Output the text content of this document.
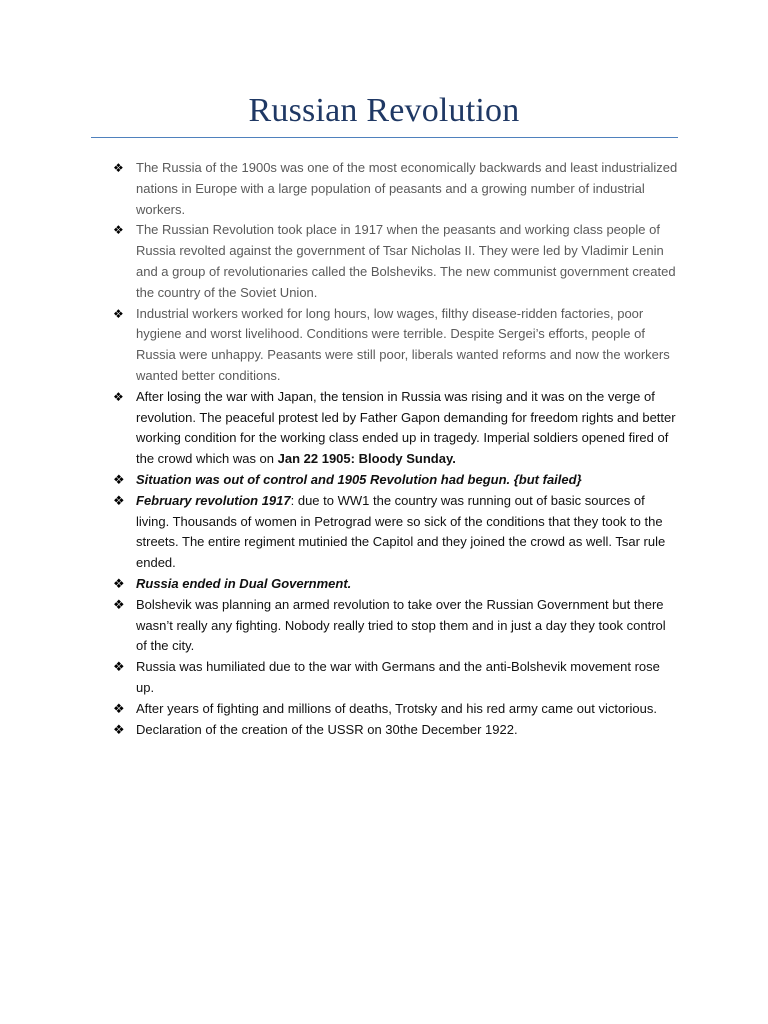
Russian Revolution
❖ The Russia of the 1900s was one of the most economically backwards and least industrialized nations in Europe with a large population of peasants and a growing number of industrial workers.
❖ The Russian Revolution took place in 1917 when the peasants and working class people of Russia revolted against the government of Tsar Nicholas II. They were led by Vladimir Lenin and a group of revolutionaries called the Bolsheviks. The new communist government created the country of the Soviet Union.
❖ Industrial workers worked for long hours, low wages, filthy disease-ridden factories, poor hygiene and worst livelihood. Conditions were terrible. Despite Sergei’s efforts, people of Russia were unhappy. Peasants were still poor, liberals wanted reforms and now the workers wanted better conditions.
❖ After losing the war with Japan, the tension in Russia was rising and it was on the verge of revolution. The peaceful protest led by Father Gapon demanding for freedom rights and better working condition for the working class ended up in tragedy. Imperial soldiers opened fired of the crowd which was on Jan 22 1905: Bloody Sunday.
❖ Situation was out of control and 1905 Revolution had begun. {but failed}
❖ February revolution 1917: due to WW1 the country was running out of basic sources of living. Thousands of women in Petrograd were so sick of the conditions that they took to the streets. The entire regiment mutinied the Capitol and they joined the crowd as well. Tsar rule ended.
❖ Russia ended in Dual Government.
❖ Bolshevik was planning an armed revolution to take over the Russian Government but there wasn’t really any fighting. Nobody really tried to stop them and in just a day they took control of the city.
❖ Russia was humiliated due to the war with Germans and the anti-Bolshevik movement rose up.
❖ After years of fighting and millions of deaths, Trotsky and his red army came out victorious.
❖ Declaration of the creation of the USSR on 30the December 1922.
